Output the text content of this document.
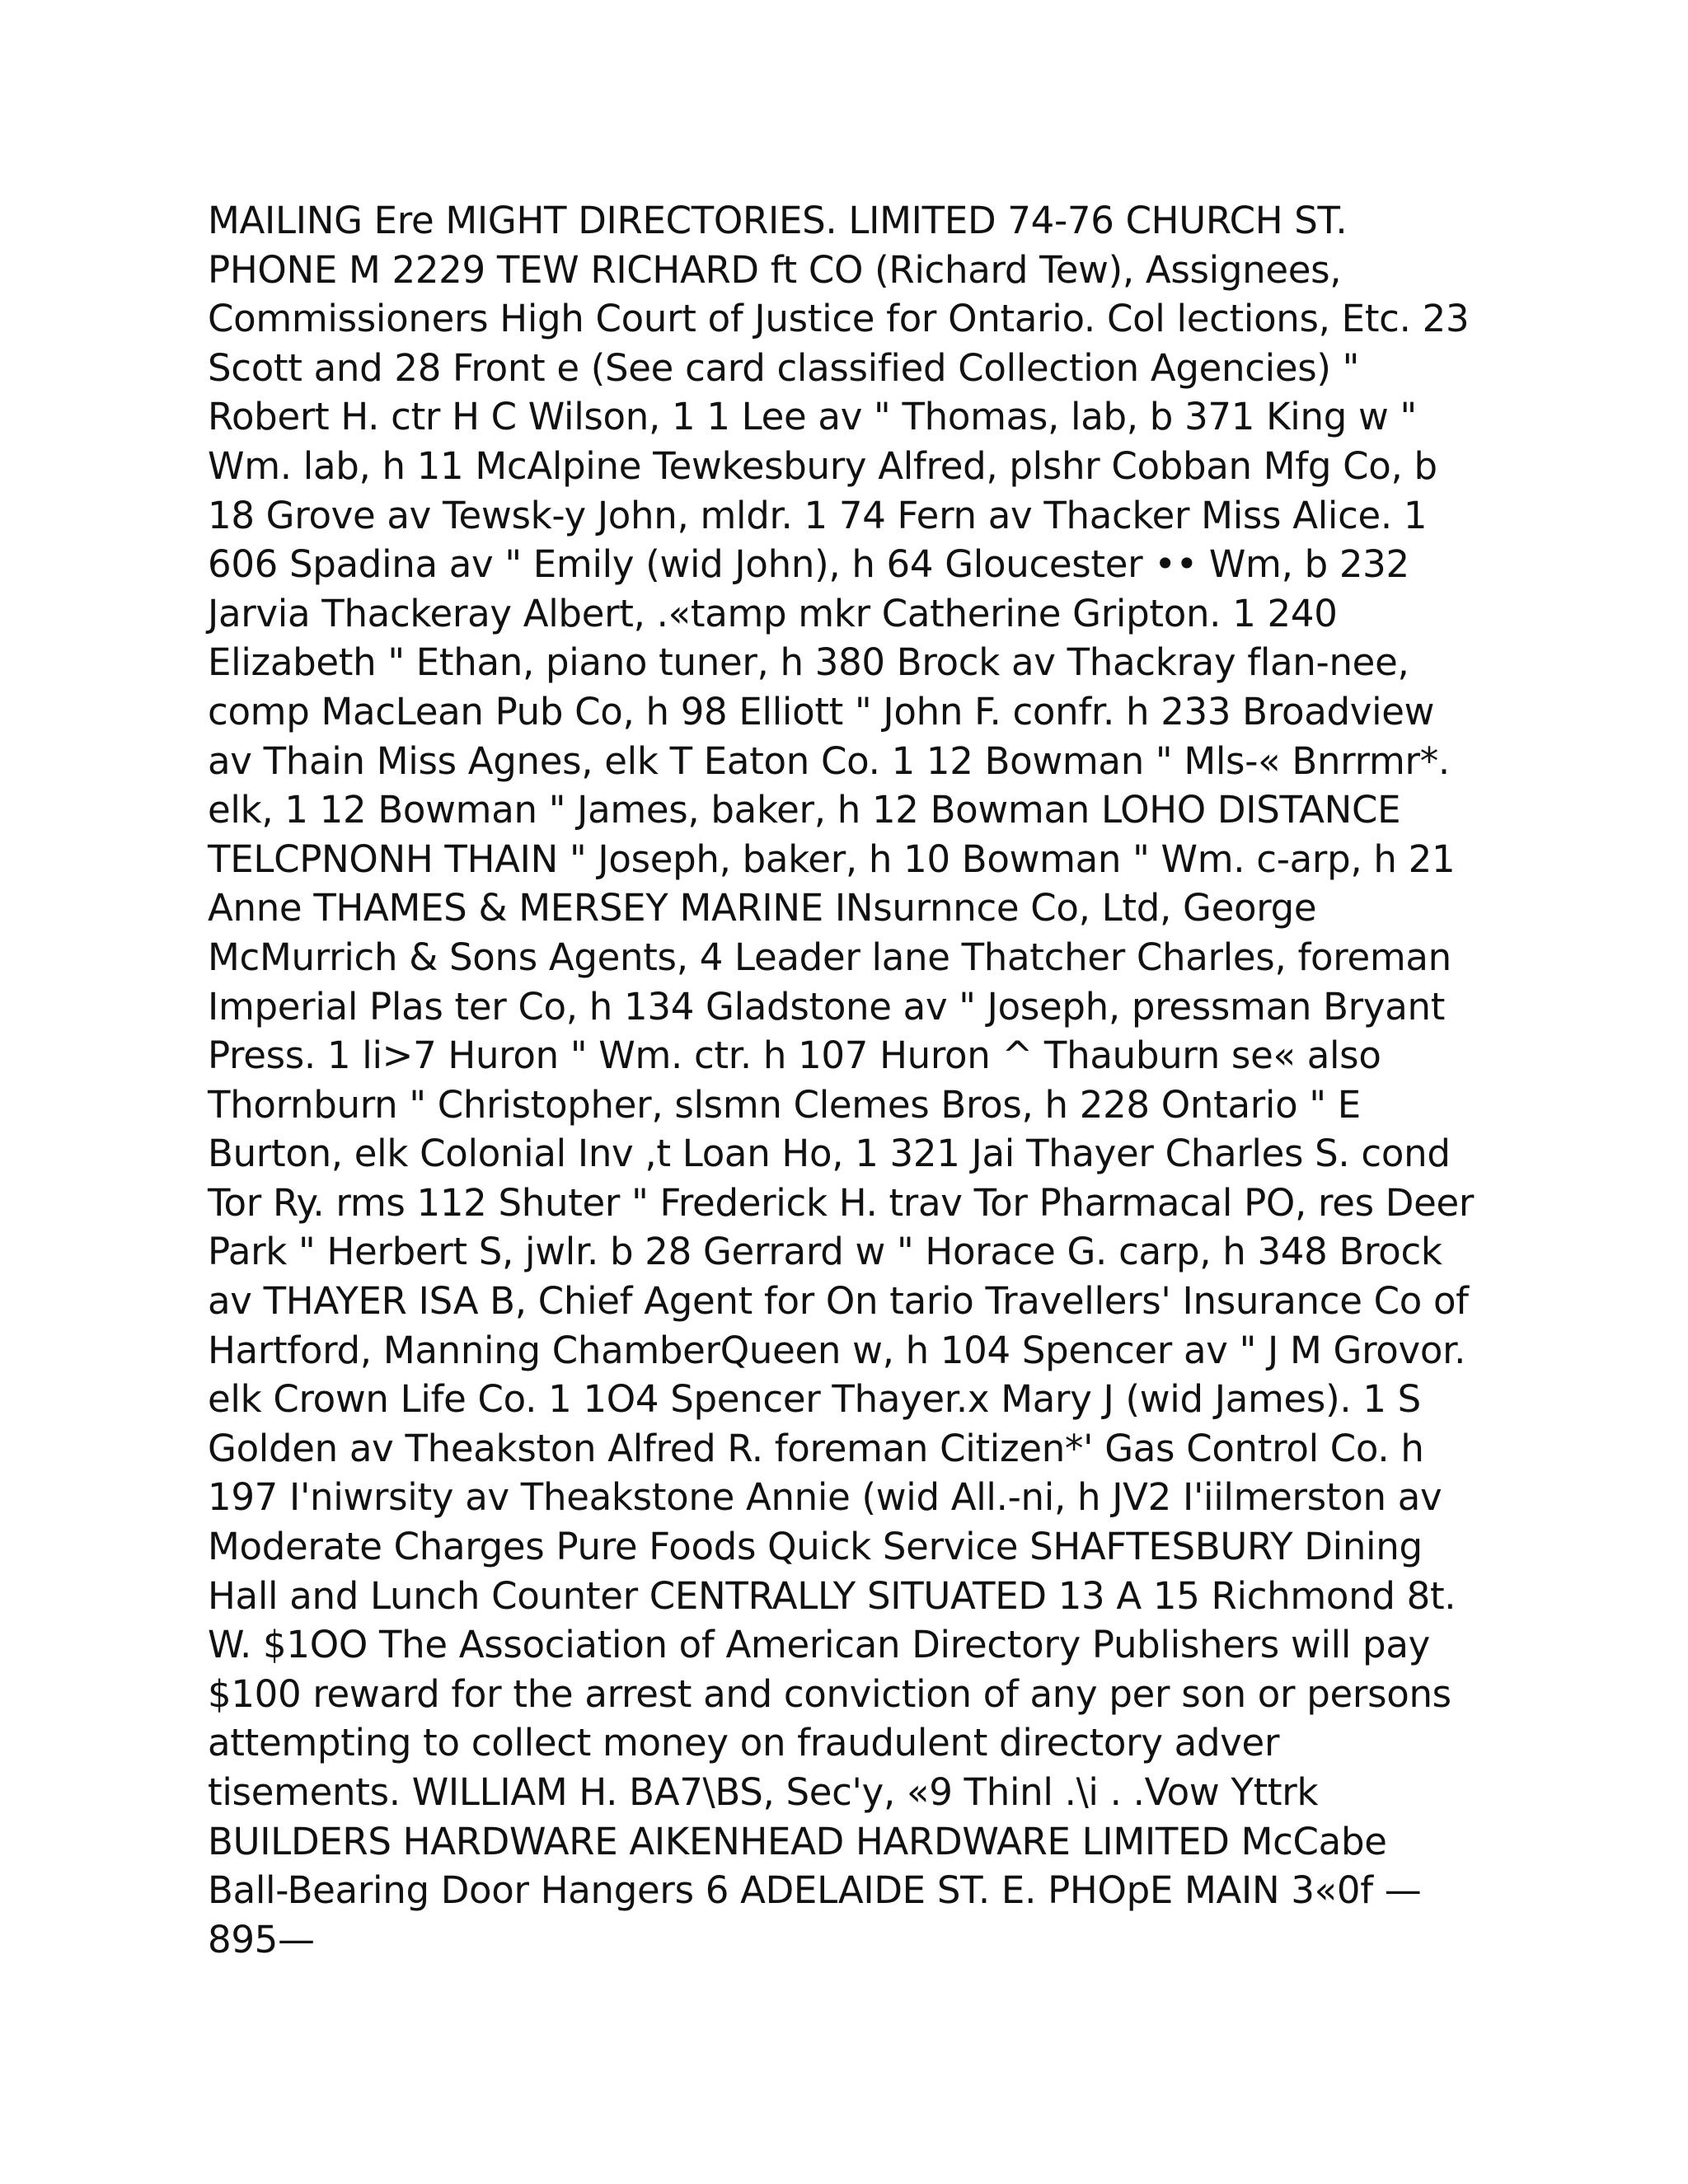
MAILING Ere MIGHT DIRECTORIES. LIMITED 74-76 CHURCH ST. PHONE M 2229 TEW RICHARD ft CO (Richard Tew), Assignees, Commissioners High Court of Justice for Ontario. Col lections, Etc. 23 Scott and 28 Front e (See card classified Collection Agencies) " Robert H. ctr H C Wilson, 1 1 Lee av " Thomas, lab, b 371 King w " Wm. lab, h 11 McAlpine Tewkesbury Alfred, plshr Cobban Mfg Co, b 18 Grove av Tewsk-y John, mldr. 1 74 Fern av Thacker Miss Alice. 1 606 Spadina av " Emily (wid John), h 64 Gloucester •• Wm, b 232 Jarvia Thackeray Albert, .«tamp mkr Catherine Gripton. 1 240 Elizabeth " Ethan, piano tuner, h 380 Brock av Thackray flan-nee, comp MacLean Pub Co, h 98 Elliott " John F. confr. h 233 Broadview av Thain Miss Agnes, elk T Eaton Co. 1 12 Bowman " Mls-« Bnrrmr*. elk, 1 12 Bowman " James, baker, h 12 Bowman LOHO DISTANCE TELCPNONH THAIN " Joseph, baker, h 10 Bowman " Wm. c-arp, h 21 Anne THAMES & MERSEY MARINE INsurnnce Co, Ltd, George McMurrich & Sons Agents, 4 Leader lane Thatcher Charles, foreman Imperial Plas ter Co, h 134 Gladstone av " Joseph, pressman Bryant Press. 1 li>7 Huron " Wm. ctr. h 107 Huron ^ Thauburn se« also Thornburn " Christopher, slsmn Clemes Bros, h 228 Ontario " E Burton, elk Colonial Inv ,t Loan Ho, 1 321 Jai Thayer Charles S. cond Tor Ry. rms 112 Shuter " Frederick H. trav Tor Pharmacal PO, res Deer Park " Herbert S, jwlr. b 28 Gerrard w " Horace G. carp, h 348 Brock av THAYER ISA B, Chief Agent for On tario Travellers' Insurance Co of Hartford, Manning ChamberQueen w, h 104 Spencer av " J M Grovor. elk Crown Life Co. 1 1O4 Spencer Thayer.x Mary J (wid James). 1 S Golden av Theakston Alfred R. foreman Citizen*' Gas Control Co. h 197 I'niwrsity av Theakstone Annie (wid All.-ni, h JV2 I'iilmerston av Moderate Charges Pure Foods Quick Service SHAFTESBURY Dining Hall and Lunch Counter CENTRALLY SITUATED 13 A 15 Richmond 8t. W. $1OO The Association of American Directory Publishers will pay $100 reward for the arrest and conviction of any per son or persons attempting to collect money on fraudulent directory adver tisements. WILLIAM H. BA7\BS, Sec'y, «9 Thinl .\i . .Vow Yttrk BUILDERS HARDWARE AIKENHEAD HARDWARE LIMITED McCabe Ball-Bearing Door Hangers 6 ADELAIDE ST. E. PHOpE MAIN 3«0f —895—
